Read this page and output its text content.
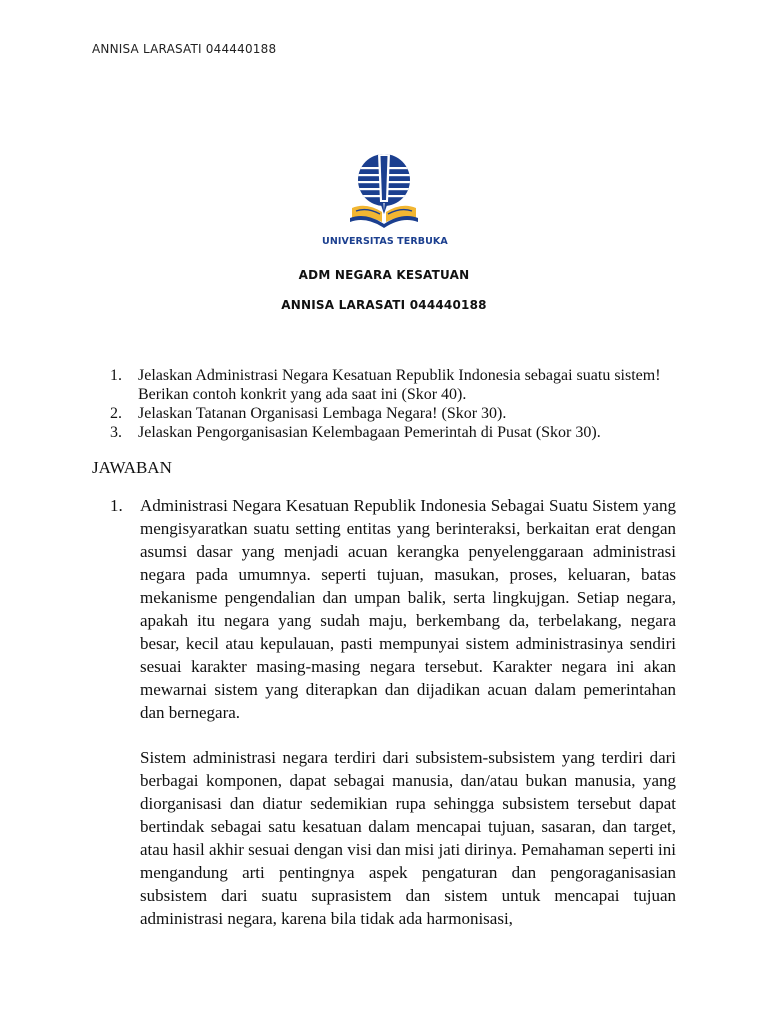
ANNISA LARASATI 044440188
UNIVERSITAS TERBUKA
ADM NEGARA KESATUAN
ANNISA LARASATI 044440188
1. Jelaskan Administrasi Negara Kesatuan Republik Indonesia sebagai suatu sistem! Berikan contoh konkrit yang ada saat ini (Skor 40).
2. Jelaskan Tatanan Organisasi Lembaga Negara! (Skor 30).
3. Jelaskan Pengorganisasian Kelembagaan Pemerintah di Pusat (Skor 30).
JAWABAN
1. Administrasi Negara Kesatuan Republik Indonesia Sebagai Suatu Sistem yang mengisyaratkan suatu setting entitas yang berinteraksi, berkaitan erat dengan asumsi dasar yang menjadi acuan kerangka penyelenggaraan administrasi negara pada umumnya. seperti tujuan, masukan, proses, keluaran, batas mekanisme pengendalian dan umpan balik, serta lingkujgan. Setiap negara, apakah itu negara yang sudah maju, berkembang da, terbelakang, negara besar, kecil atau kepulauan, pasti mempunyai sistem administrasinya sendiri sesuai karakter masing-masing negara tersebut. Karakter negara ini akan mewarnai sistem yang diterapkan dan dijadikan acuan dalam pemerintahan dan bernegara.

Sistem administrasi negara terdiri dari subsistem-subsistem yang terdiri dari berbagai komponen, dapat sebagai manusia, dan/atau bukan manusia, yang diorganisasi dan diatur sedemikian rupa sehingga subsistem tersebut dapat bertindak sebagai satu kesatuan dalam mencapai tujuan, sasaran, dan target, atau hasil akhir sesuai dengan visi dan misi jati dirinya. Pemahaman seperti ini mengandung arti pentingnya aspek pengaturan dan pengoraganisasian subsistem dari suatu suprasistem dan sistem untuk mencapai tujuan administrasi negara, karena bila tidak ada harmonisasi,
